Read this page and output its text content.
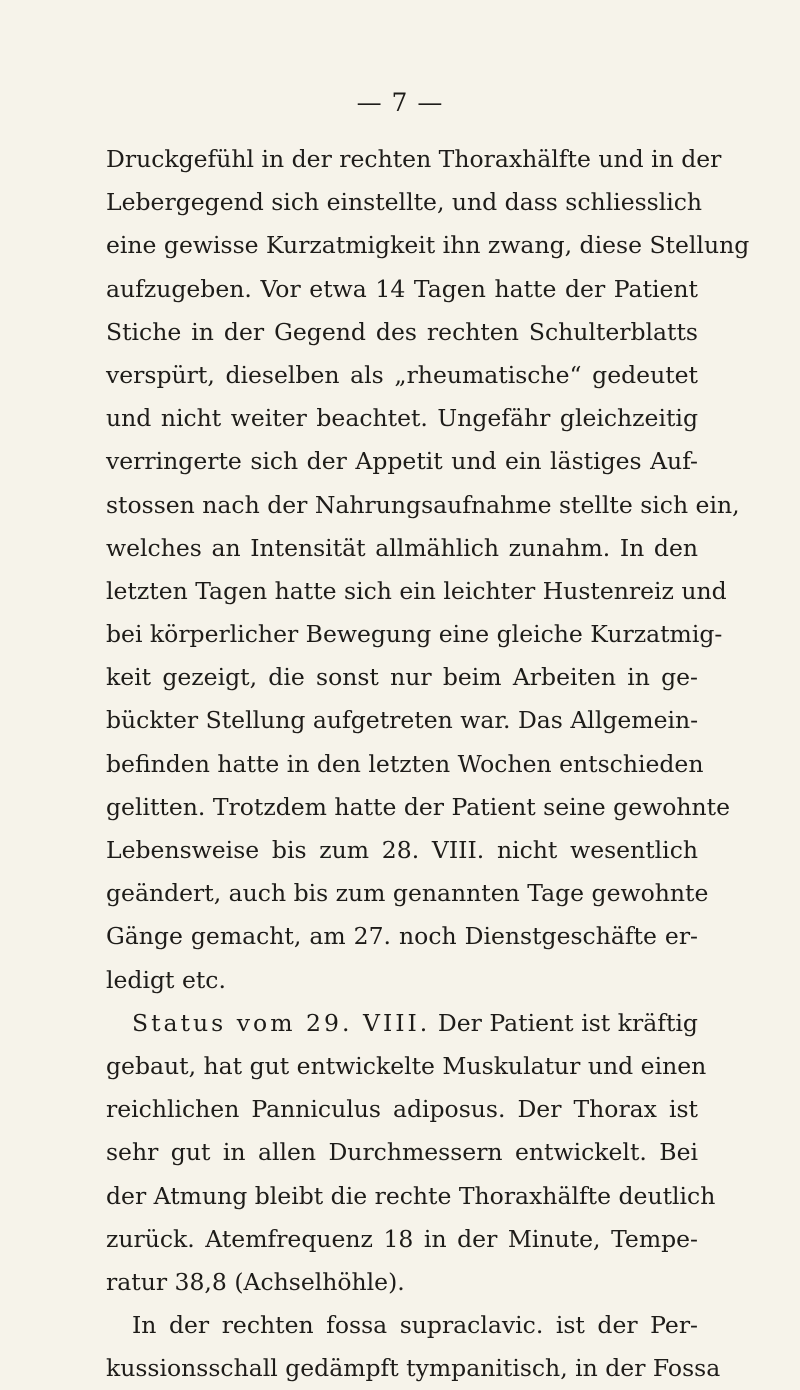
— 7 —
Druckgefühl in der rechten Thoraxhälfte und in der
Lebergegend sich einstellte, und dass schliesslich
eine gewisse Kurzatmigkeit ihn zwang, diese Stellung
aufzugeben. Vor etwa 14 Tagen hatte der Patient
Stiche in der Gegend des rechten Schulterblatts
verspürt, dieselben als „rheumatische“ gedeutet
und nicht weiter beachtet. Ungefähr gleichzeitig
verringerte sich der Appetit und ein lästiges Auf-
stossen nach der Nahrungsaufnahme stellte sich ein,
welches an Intensität allmählich zunahm. In den
letzten Tagen hatte sich ein leichter Hustenreiz und
bei körperlicher Bewegung eine gleiche Kurzatmig-
keit gezeigt, die sonst nur beim Arbeiten in ge-
bückter Stellung aufgetreten war. Das Allgemein-
befinden hatte in den letzten Wochen entschieden
gelitten. Trotzdem hatte der Patient seine gewohnte
Lebensweise bis zum 28. VIII. nicht wesentlich
geändert, auch bis zum genannten Tage gewohnte
Gänge gemacht, am 27. noch Dienstgeschäfte er-
ledigt etc.
Status vom 29. VIII. Der Patient ist kräftig
gebaut, hat gut entwickelte Muskulatur und einen
reichlichen Panniculus adiposus. Der Thorax ist
sehr gut in allen Durchmessern entwickelt. Bei
der Atmung bleibt die rechte Thoraxhälfte deutlich
zurück. Atemfrequenz 18 in der Minute, Tempe-
ratur 38,8 (Achselhöhle).
In der rechten fossa supraclavic. ist der Per-
kussionsschall gedämpft tympanitisch, in der Fossa
